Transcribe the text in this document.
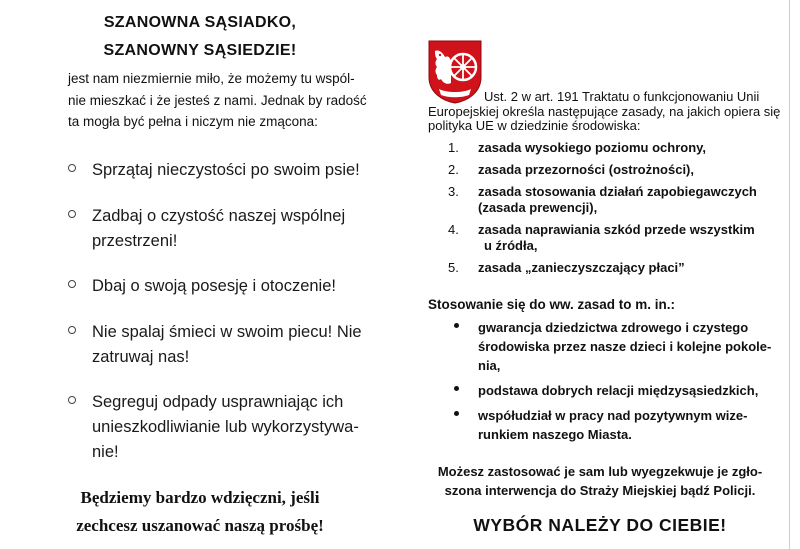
SZANOWNA SĄSIADKO,
SZANOWNY SĄSIEDZIE!
jest nam niezmiernie miło, że możemy tu wspól-
nie mieszkać i że jesteś z nami. Jednak by radość
ta mogła być pełna i niczym nie zmącona:
Sprzątaj nieczystości po swoim psie!
Zadbaj o czystość naszej wspólnej
przestrzeni!
Dbaj o swoją posesję i otoczenie!
Nie spalaj śmieci w swoim piecu! Nie
zatruwaj nas!
Segreguj odpady usprawniając ich
unieszkodliwianie lub wykorzystywa-
nie!
Będziemy bardzo wdzięczni, jeśli
zechcesz uszanować naszą prośbę!
Ust. 2 w art. 191 Traktatu o funkcjonowaniu Unii
Europejskiej określa następujące zasady, na jakich opiera się
polityka UE w dziedzinie środowiska:
1.	zasada wysokiego poziomu ochrony,
2.	zasada przezorności (ostrożności),
3.	zasada stosowania działań zapobiegawczych
(zasada prewencji),
4.	zasada naprawiania szkód przede wszystkim
u źródła,
5.	zasada „zanieczyszczający płaci”
Stosowanie się do ww. zasad to m. in.:
gwarancja dziedzictwa zdrowego i czystego
środowiska przez nasze dzieci i kolejne pokole-
nia,
podstawa dobrych relacji międzysąsiedzkich,
współudział w pracy nad pozytywnym wize-
runkiem naszego Miasta.
Możesz zastosować je sam lub wyegzekwuje je zgło-
szona interwencja do Straży Miejskiej bądź Policji.
WYBÓR NALEŻY DO CIEBIE!
